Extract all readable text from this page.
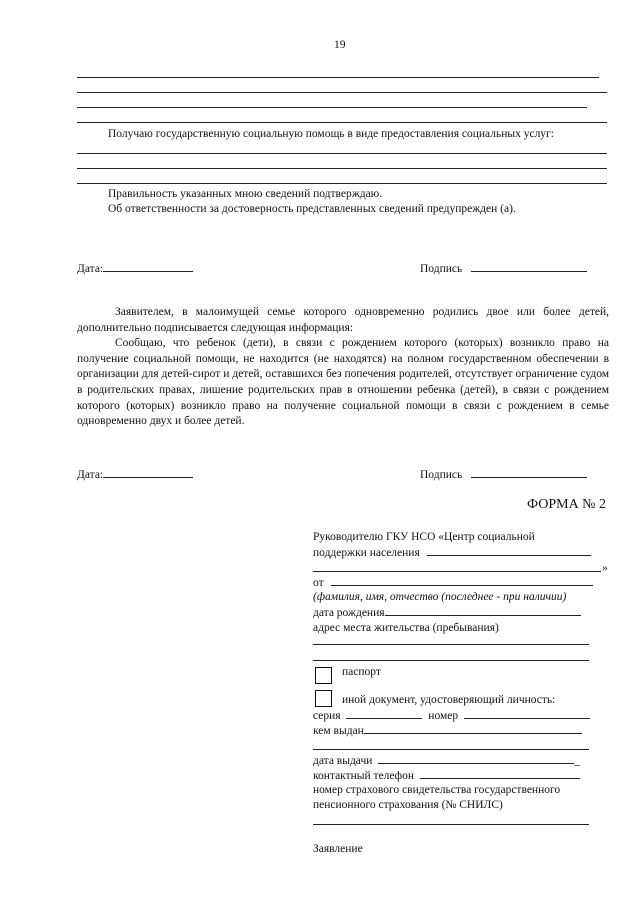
19
Получаю государственную социальную помощь в виде предоставления социальных услуг:
Правильность указанных мною сведений подтверждаю.
Об ответственности за достоверность представленных сведений предупрежден (а).
Дата:	Подпись

Заявителем, в малоимущей семье которого одновременно родились двое или более детей, дополнительно подписывается следующая информация:

Сообщаю, что ребенок (дети), в связи с рождением которого (которых) возникло право на получение социальной помощи, не находится (не находятся) на полном государственном обеспечении в организации для детей-сирот и детей, оставшихся без попечения родителей, отсутствует ограничение судом в родительских правах, лишение родительских прав в отношении ребенка (детей), в связи с рождением которого (которых) возникло право на получение социальной помощи в связи с рождением в семье одновременно двух и более детей.

Дата:	Подпись
ФОРМА № 2
Руководителю ГКУ НСО «Центр социальной
поддержки населения
»
от
(фамилия, имя, отчество (последнее - при наличии)
дата рождения
адрес места жительства (пребывания)
паспорт
иной документ, удостоверяющий личность:
серия	номер
кем выдан
дата выдачи	_
контактный телефон
номер страхового свидетельства государственного
пенсионного страхования (№ СНИЛС)
Заявление
